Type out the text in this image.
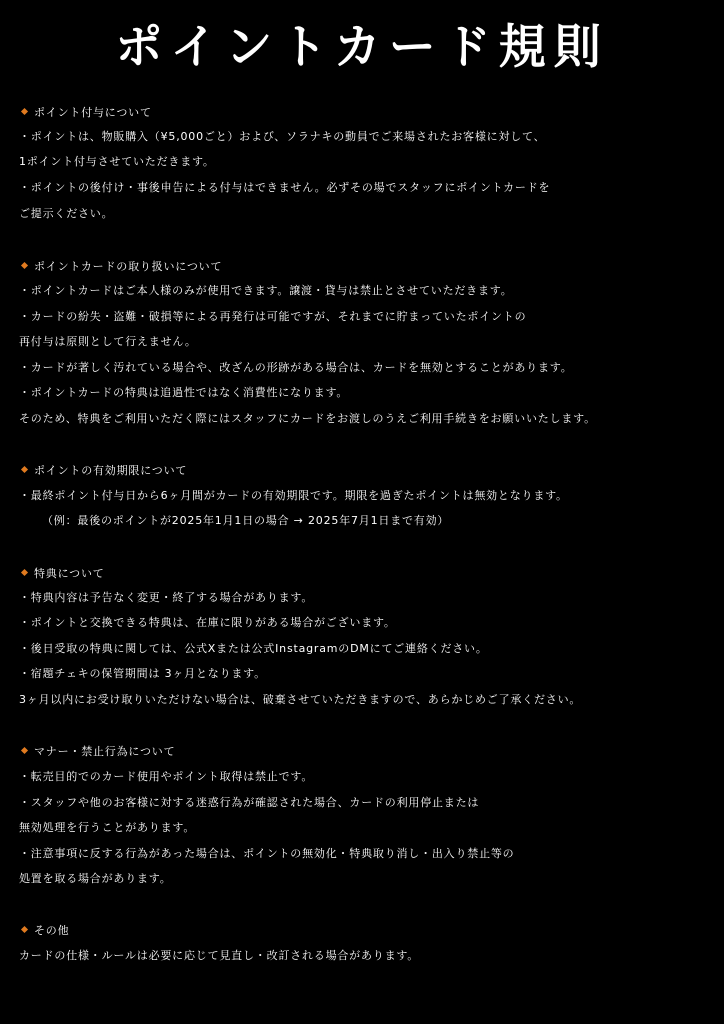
ポイントカード規則
ポイント付与について
・ポイントは、物販購入（¥5,000ごと）および、ソラナキの動員でご来場されたお客様に対して、
1ポイント付与させていただきます。
・ポイントの後付け・事後申告による付与はできません。必ずその場でスタッフにポイントカードを
ご提示ください。
ポイントカードの取り扱いについて
・ポイントカードはご本人様のみが使用できます。譲渡・貸与は禁止とさせていただきます。
・カードの紛失・盗難・破損等による再発行は可能ですが、それまでに貯まっていたポイントの
再付与は原則として行えません。
・カードが著しく汚れている場合や、改ざんの形跡がある場合は、カードを無効とすることがあります。
・ポイントカードの特典は追過性ではなく消費性になります。
そのため、特典をご利用いただく際にはスタッフにカードをお渡しのうえご利用手続きをお願いいたします。
ポイントの有効期限について
・最終ポイント付与日から6ヶ月間がカードの有効期限です。期限を過ぎたポイントは無効となります。
（例：最後のポイントが2025年1月1日の場合 → 2025年7月1日まで有効）
特典について
・特典内容は予告なく変更・終了する場合があります。
・ポイントと交換できる特典は、在庫に限りがある場合がございます。
・後日受取の特典に関しては、公式Xまたは公式InstagramのDMにてご連絡ください。
・宿題チェキの保管期間は 3ヶ月となります。
3ヶ月以内にお受け取りいただけない場合は、破棄させていただきますので、あらかじめご了承ください。
マナー・禁止行為について
・転売目的でのカード使用やポイント取得は禁止です。
・スタッフや他のお客様に対する迷惑行為が確認された場合、カードの利用停止または
無効処理を行うことがあります。
・注意事項に反する行為があった場合は、ポイントの無効化・特典取り消し・出入り禁止等の
処置を取る場合があります。
その他
カードの仕様・ルールは必要に応じて見直し・改訂される場合があります。
